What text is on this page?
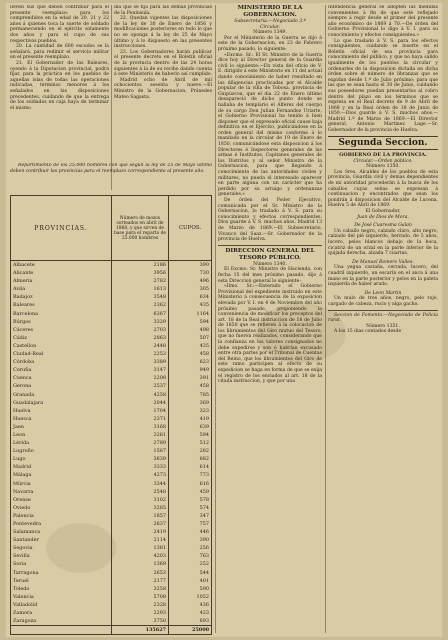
lleven sus que deben contribuir para el presente reemplazo; para los comprendidos en la edad de 20, 21 y 22 años á quienes toca la suerte de soldado permaneciendo en el ejército solamente dos años y para el cupo de sus respectivos pueblos.
20. La cantidad de 600 escudos se la señalará, para redimir el servicio militar en el presente reemplazo.
21. El Gobernador de las Baleares, oyendo á la Diputacion provincial, podrá fijar, para la práctica en los pueblos de aquellas islas de todas las operaciones indicadas, términos menores á los señalados en las disposiciones precedentes, cuidando de que la entrega de los soldados en caja haya de terminar el mismo
dia que se fija para las demas provincias de la Península.
22. Quedan vigentes las disposiciones de la ley de 30 de Enero de 1856 y modificaciones posteriores en todo lo que no se oponga á la ley de 25 de Mayo último y á lo dispuesto en las presentes instrucciones.
23. Los Gobernadores harán publicar el presente decreto en el Boletín oficial de la provincia dentro de las 24 horas siguientes á la de su recibo dando cuenta á este Ministerio de haberlo así cumplido.
Madrid ocho de Abril de mil ochocientos sesenta y nueve.—El Ministro de la Gobernacion, Práxedes Mateo Sagasta.
Repartimiento de los 25.000 hombres con que segun la ley de 25 de Mayo último deben contribuir las provincias para el reemplazo correspondiente al presente año.
PROVINCIAS.	Número de mozos sorteados en abril de 1868, y que sirven de base para el reparto de 25.000 hombres	CUPOS.
Albacete	2186	390
Alicante	3956	730
Almería	2782	496
Avila	1613	305
Badajoz	3548	634
Baleares	2362	435
Barcelona	6367	1164
Búrgos	3329	594
Cáceres	2703	498
Cádiz	2863	507
Castellon	2448	435
Ciudad-Real	2253	458
Córdoba	3389	623
Coruña	3147	949
Cuenca	2208	391
Gerona	2537	458
Granada	4258	785
Guadalajara	2044	369
Huelva	1704	323
Huesca	2371	419
Jaen	3168	639
Leon	3261	594
Lérida	2789	512
Logroño	1587	282
Lugo	3639	682
Madrid	3333	614
Málaga	4273	773
Múrcia	3344	616
Navarra	2548	459
Orense	3102	578
Oviedo	3285	574
Palencia	1857	347
Pontevedra	2637	757
Salamanca	2419	446
Santander	2114	390
Segovia	1381	256
Sevilla	4203	763
Soria	1369	252
Tarragona	2653	544
Teruel	2177	401
Toledo	3258	590
Valencia	5708	1052
Valladolid	2328	436
Zamora	2293	423
Zaragoza	3750	693
	135627	25000
MINISTERIO DE LA GOBERNACION.
Subsecretaría.—Negociado 3.º
Circular.
Número 1349.
Por el Ministerio de la Guerra se dijo á este de la Gobernacion, en 23 de Febrero próximo pasado, lo siguiente:
«Excmo. Sr.: El Sr. Ministro de la Guerra dice hoy al Director general de la Guardia civil lo siguiente:—En vista del oficio de V. E. dirigido á este Ministerio en 11 del actual dando conocimiento de haber resultado en las diligencias practicadas por el Alcalde popular de la villa de Tobosa, provincia de Guipúzcoa, que el dia 22 de Enero último desapareció de dicho punto donde se hallaba de templario el Alferez del cuerpo de su cargo Don Julian Fernandez Uriarte, el Gobierno Provisional ha tenido á bien disponer que el expresado oficial cause baja definitiva en el Ejército, publicándose en la orden general del mismo conforme á lo mandado en la circular de 19 de Enero de 1850, comunicándose esta disposicion á los Directores é Inspectores generales de las armas é Institutos, Capitanes generales de los Distritos y al señor Ministro de la Gobernacion, para que llegando á conocimiento de las autoridades civiles y militares, no pueda el interesado aparecer en parte alguna con un carácter que ha perdido por su arraigo y ordenanzas generales.»
De órden del Poder Ejecutivo, comunicada por el Sr. Ministro de la Gobernacion, lo traslado á V. S. para su conocimiento y efectos correspondientes. Dios guarde á V. S. muchos años. Madrid 13 de Marzo de 1869.—El Subsecretario, Vivanco del Saaz.—Sr. Gobernador de la provincia de Huelva.
DIRECCION GENERAL DEL TESORO PÚBLICO.
Número 1340.
El Excmo. Sr. Ministro de Hacienda, con fecha 15 del mes próximo pasado, dijo á esta Direccion general lo siguiente:
«Ilmo. Sr.:—Enterado el Gobierno Provisional del expediente instruido en este Ministerio á consecuencia de la exposicion elevada por V. I. en 4 de Noviembre del año próximo pasado, proponiendo la conveniencia de modificar los preceptos del art. 18 de la Real instruccion de 18 de Julio de 1850 que se refieren á la colocacion de los libramientos del Giro mutuo del Tesoro, que no fueron realizados, considerando que la confianza en los valores consignados no debe expedirse y son ó habrían excusado entre otra partes por el Tribunal de Cuentas del Reino, que los libramientos del Giro de este ramo participen al efecto de su expedicion se haga en forma de que se exija el registro de los enviados al art. 18 de la citada instruccion, y que por una
Intendencia general se adopten las medidas convenientes á fin de que esté reflejado siempre á regir desde el primer del presente año económico de 1869 á 70.—De órden del Gobierno Provisional lo digo á V. I. para su conocimiento y efectos consiguientes.»
Lo que traslado á V. S. para los efectos consiguientes, cuidando se inserte en el Boletín oficial de esa provincia para conocimiento del público, y que no haya salido igualmente de los pueblos la circular y ordenarles de la disposicion dictada en dicha órden sobre el número de libranzas que se expidan desde 1.º de Julio próximo; para que las que se sean hasta el 30 de Junio, cuidando sus poseedores puedan presentarlos al cobro dentro del plazo en los términos que se expresa en el Real decreto de 9 de Abril de 1868 y en la Real órden de 18 de Junio de 1850.—Dios guarde á V. S. muchos años.—Madrid 1.º de Marzo de 1869.—El Director general, Antonio Martinez Lage.—Sr. Gobernador de la provincia de Huelva.
Segunda Seccion.
GOBIERNO DE LA PROVINCIA.
Circular.—Orden público.
Número 1350.
Los Sres. Alcaldes de los pueblos de esta provincia, Guardia civil y demas dependientes de mi autoridad procederán á la busca de los caballos cuyas señas se expresan á continuacion y encontrados que sean los pondrán á disposicion del Alcalde de Lucena. Huelva 5 de Abril de 1869.
El Gobernador,
Juan de Dios de Mora.
De José Cuaresma Galan
Un caballo negro, calzado claro, alto negro, calzado del pié izquierdo, herrado, de 5 años, lucero, pelos blancos debajo de la boca, cicatriz de un orzal en la parte inferior de la quijada derecha, alzada 7 cuartas.
De Manuel Romero Valles.
Una yegua castaña, cerrada, lucero, del cuadril izquierdo, un escarín en el anca á una mano en la parte posterior y pelos en la paleta izquierda de haber arado.
De Leon Martin
Un mulo de tres años, negro, pelo rojo, cargado de cabeza, rucio y alga gacho.
Seccion de Fomento.—Negociado de Policía rural.
Número 1351.
A los 15 dias contados desde
